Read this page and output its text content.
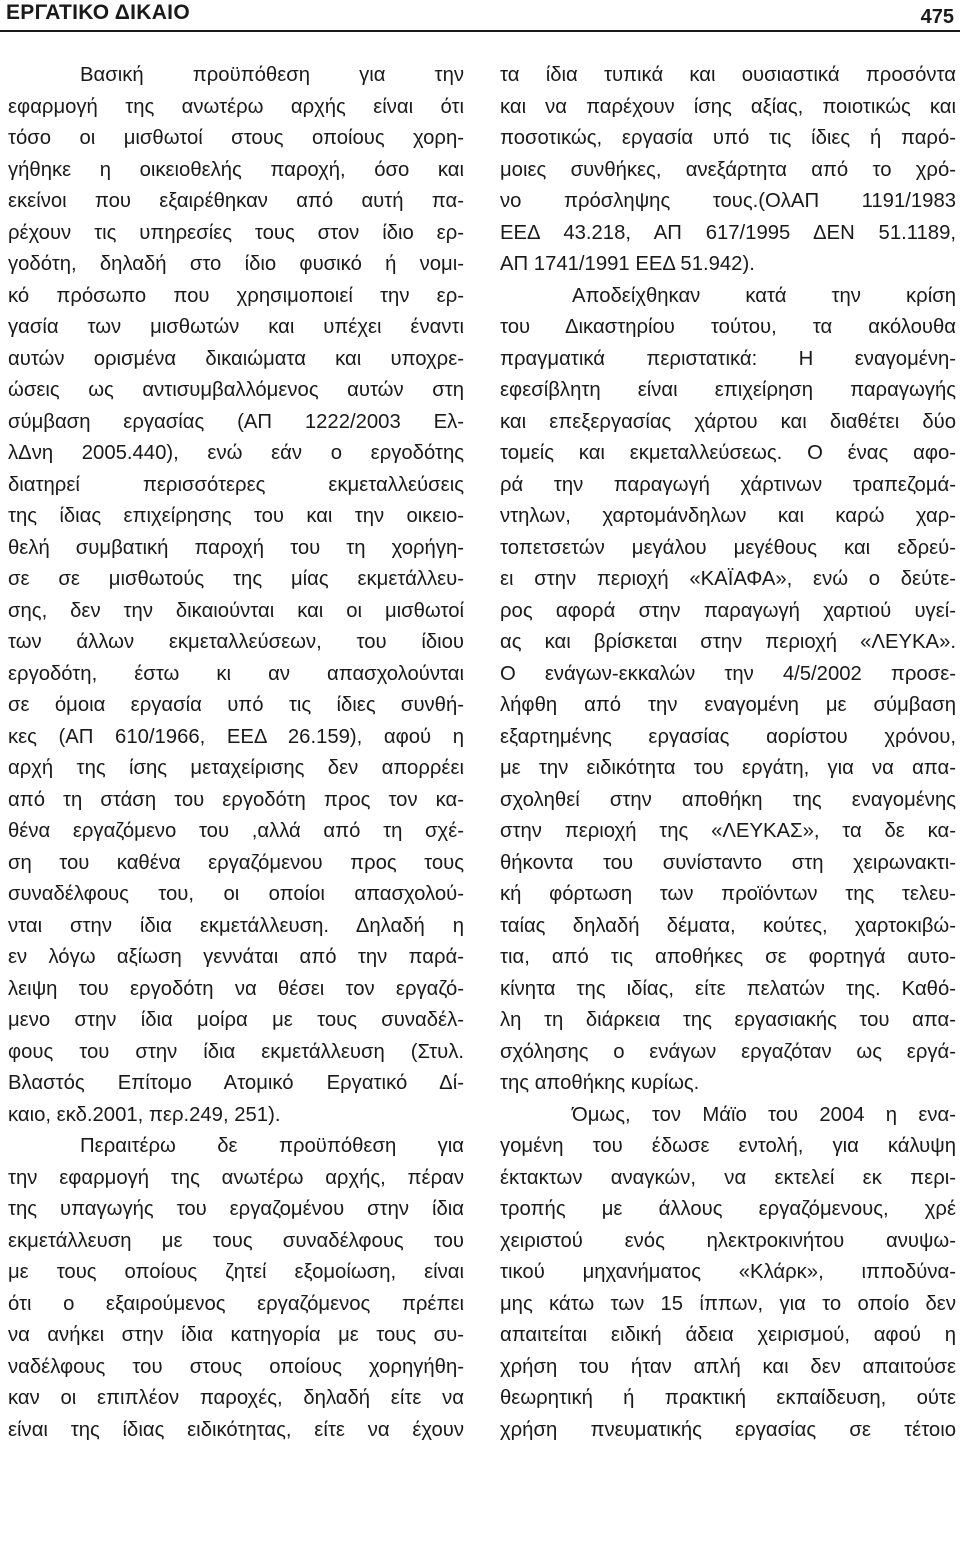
ΕΡΓΑΤΙΚΟ ΔΙΚΑΙΟ	475
Βασική προϋπόθεση για την
εφαρμογή της ανωτέρω αρχής είναι ότι
τόσο οι μισθωτοί στους οποίους χορη-
γήθηκε η οικειοθελής παροχή, όσο και
εκείνοι που εξαιρέθηκαν από αυτή πα-
ρέχουν τις υπηρεσίες τους στον ίδιο ερ-
γοδότη, δηλαδή στο ίδιο φυσικό ή νομι-
κό πρόσωπο που χρησιμοποιεί την ερ-
γασία των μισθωτών και υπέχει έναντι
αυτών ορισμένα δικαιώματα και υποχρε-
ώσεις ως αντισυμβαλλόμενος αυτών στη
σύμβαση εργασίας (ΑΠ 1222/2003 Ελ-
λΔνη 2005.440), ενώ εάν ο εργοδότης
διατηρεί περισσότερες εκμεταλλεύσεις
της ίδιας επιχείρησης του και την οικειο-
θελή συμβατική παροχή του τη χορήγη-
σε σε μισθωτούς της μίας εκμετάλλευ-
σης, δεν την δικαιούνται και οι μισθωτοί
των άλλων εκμεταλλεύσεων, του ίδιου
εργοδότη, έστω κι αν απασχολούνται
σε όμοια εργασία υπό τις ίδιες συνθή-
κες (ΑΠ 610/1966, ΕΕΔ 26.159), αφού η
αρχή της ίσης μεταχείρισης δεν απορρέει
από τη στάση του εργοδότη προς τον κα-
θένα εργαζόμενο του ,αλλά από τη σχέ-
ση του καθένα εργαζόμενου προς τους
συναδέλφους του, οι οποίοι απασχολού-
νται στην ίδια εκμετάλλευση. Δηλαδή η
εν λόγω αξίωση γεννάται από την παρά-
λειψη του εργοδότη να θέσει τον εργαζό-
μενο στην ίδια μοίρα με τους συναδέλ-
φους του στην ίδια εκμετάλλευση (Στυλ.
Βλαστός Επίτομο Ατομικό Εργατικό Δί-
καιο, εκδ.2001, περ.249, 251).
Περαιτέρω δε προϋπόθεση για
την εφαρμογή της ανωτέρω αρχής, πέραν
της υπαγωγής του εργαζομένου στην ίδια
εκμετάλλευση με τους συναδέλφους του
με τους οποίους ζητεί εξομοίωση, είναι
ότι ο εξαιρούμενος εργαζόμενος πρέπει
να ανήκει στην ίδια κατηγορία με τους συ-
ναδέλφους του στους οποίους χορηγήθη-
καν οι επιπλέον παροχές, δηλαδή είτε να
είναι της ίδιας ειδικότητας, είτε να έχουν
τα ίδια τυπικά και ουσιαστικά προσόντα
και να παρέχουν ίσης αξίας, ποιοτικώς και
ποσοτικώς, εργασία υπό τις ίδιες ή παρό-
μοιες συνθήκες, ανεξάρτητα από το χρό-
νο πρόσληψης τους.(ΟλΑΠ 1191/1983
ΕΕΔ 43.218, ΑΠ 617/1995 ΔΕΝ 51.1189,
ΑΠ 1741/1991 ΕΕΔ 51.942).
Αποδείχθηκαν κατά την κρίση
του Δικαστηρίου τούτου, τα ακόλουθα
πραγματικά περιστατικά: Η εναγομένη-
εφεσίβλητη είναι επιχείρηση παραγωγής
και επεξεργασίας χάρτου και διαθέτει δύο
τομείς και εκμεταλλεύσεως. Ο ένας αφο-
ρά την παραγωγή χάρτινων τραπεζομά-
ντηλων, χαρτομάνδηλων και καρώ χαρ-
τοπετσετών μεγάλου μεγέθους και εδρεύ-
ει στην περιοχή «ΚΑΪΑΦΑ», ενώ ο δεύτε-
ρος αφορά στην παραγωγή χαρτιού υγεί-
ας και βρίσκεται στην περιοχή «ΛΕΥΚΑ».
Ο ενάγων-εκκαλών την 4/5/2002 προσε-
λήφθη από την εναγομένη με σύμβαση
εξαρτημένης εργασίας αορίστου χρόνου,
με την ειδικότητα του εργάτη, για να απα-
σχοληθεί στην αποθήκη της εναγομένης
στην περιοχή της «ΛΕΥΚΑΣ», τα δε κα-
θήκοντα του συνίσταντο στη χειρωνακτι-
κή φόρτωση των προϊόντων της τελευ-
ταίας δηλαδή δέματα, κούτες, χαρτοκιβώ-
τια, από τις αποθήκες σε φορτηγά αυτο-
κίνητα της ιδίας, είτε πελατών της. Καθό-
λη τη διάρκεια της εργασιακής του απα-
σχόλησης ο ενάγων εργαζόταν ως εργά-
της αποθήκης κυρίως.
Όμως, τον Μάϊο του 2004 η ενα-
γομένη του έδωσε εντολή, για κάλυψη
έκτακτων αναγκών, να εκτελεί εκ περι-
τροπής με άλλους εργαζόμενους, χρέ
χειριστού ενός ηλεκτροκινήτου ανυψω-
τικού μηχανήματος «Κλάρκ», ιπποδύνα-
μης κάτω των 15 ίππων, για το οποίο δεν
απαιτείται ειδική άδεια χειρισμού, αφού η
χρήση του ήταν απλή και δεν απαιτούσε
θεωρητική ή πρακτική εκπαίδευση, ούτε
χρήση πνευματικής εργασίας σε τέτοιο
